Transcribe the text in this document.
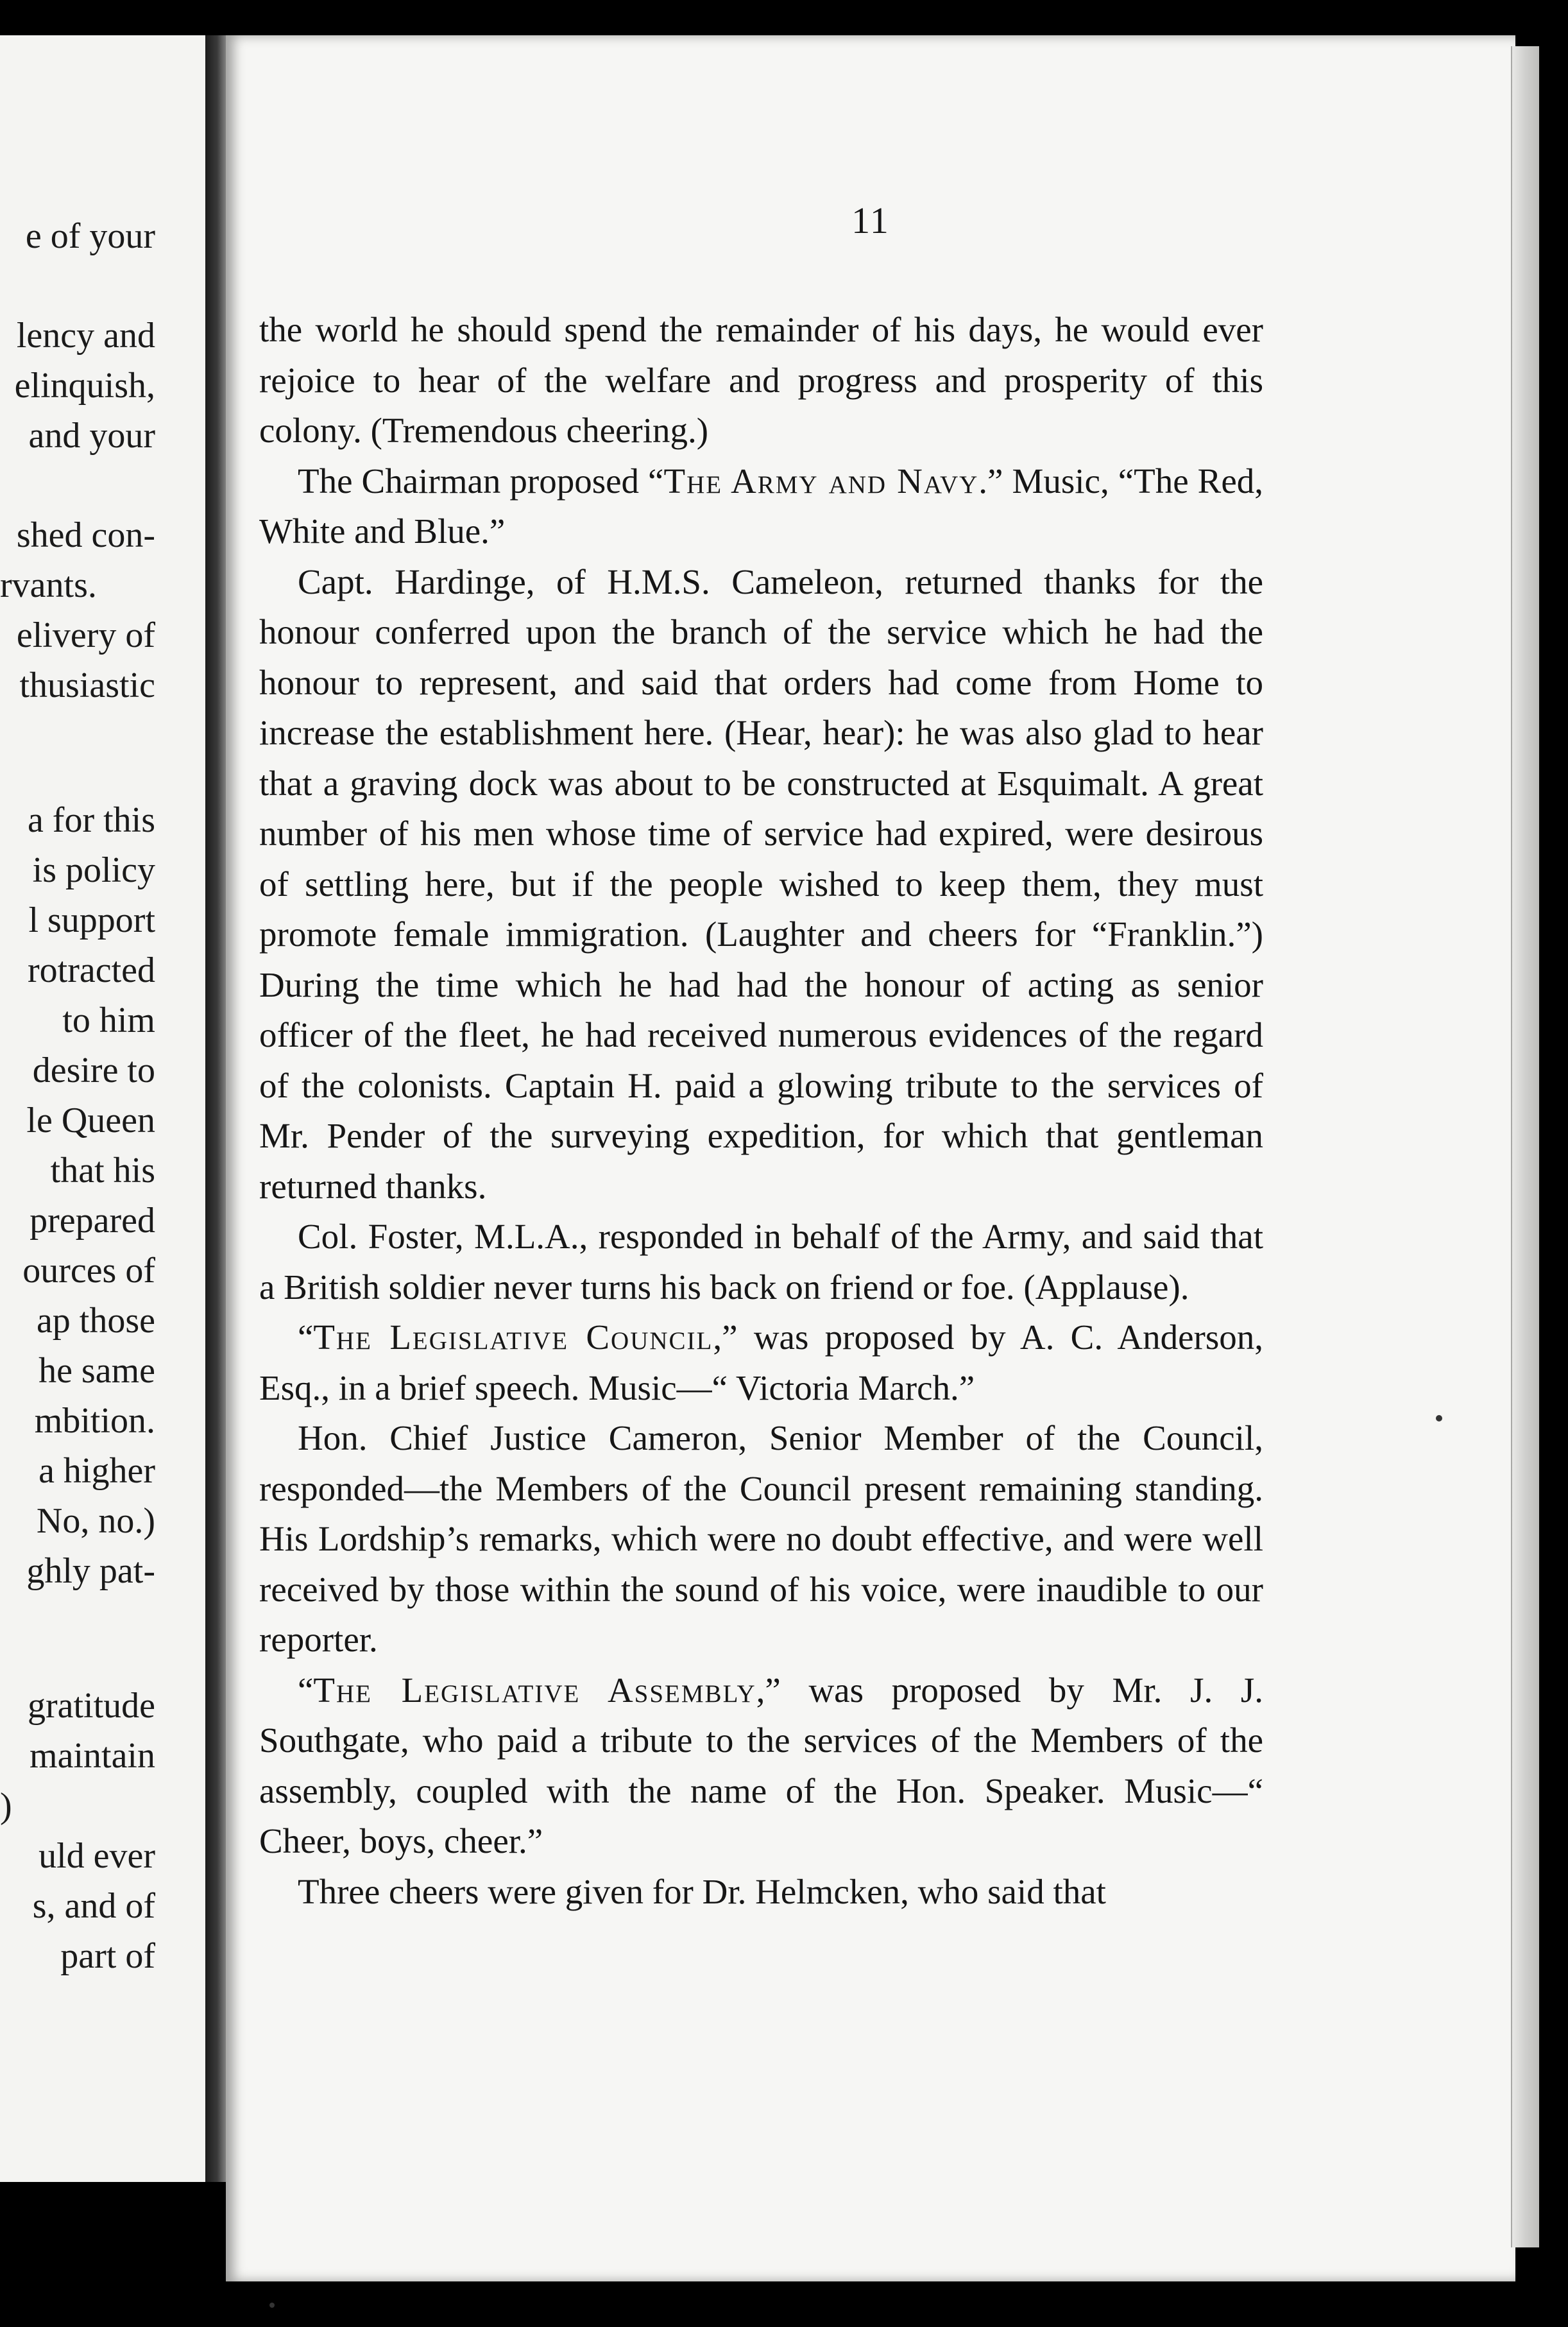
e of your
lency and
elinquish,
and your
shed con-
rvants.
elivery of
thusiastic
a for this
is policy
l support
rotracted
to him
desire to
le Queen
that his
prepared
ources of
ap those
he same
mbition.
a higher
No, no.)
ghly pat-
gratitude
maintain
)
uld ever
s, and of
part of
11

the world he should spend the remainder of his days, he would ever rejoice to hear of the welfare and progress and prosperity of this colony. (Tremendous cheering.)

The Chairman proposed “The Army and Navy.” Music, “The Red, White and Blue.”

Capt. Hardinge, of H.M.S. Cameleon, returned thanks for the honour conferred upon the branch of the service which he had the honour to represent, and said that orders had come from Home to increase the establishment here. (Hear, hear): he was also glad to hear that a graving dock was about to be constructed at Esquimalt. A great number of his men whose time of service had expired, were desirous of settling here, but if the people wished to keep them, they must promote female immigration. (Laughter and cheers for “Franklin.”) During the time which he had had the honour of acting as senior officer of the fleet, he had received numerous evidences of the regard of the colonists. Captain H. paid a glowing tribute to the services of Mr. Pender of the surveying expedition, for which that gentleman returned thanks.

Col. Foster, M.L.A., responded in behalf of the Army, and said that a British soldier never turns his back on friend or foe. (Applause).

“The Legislative Council,” was proposed by A. C. Anderson, Esq., in a brief speech. Music—“ Victoria March.”

Hon. Chief Justice Cameron, Senior Member of the Council, responded—the Members of the Council present remaining standing. His Lordship’s remarks, which were no doubt effective, and were well received by those within the sound of his voice, were inaudible to our reporter.

“The Legislative Assembly,” was proposed by Mr. J. J. Southgate, who paid a tribute to the services of the Members of the assembly, coupled with the name of the Hon. Speaker. Music—“ Cheer, boys, cheer.”

Three cheers were given for Dr. Helmcken, who said that
